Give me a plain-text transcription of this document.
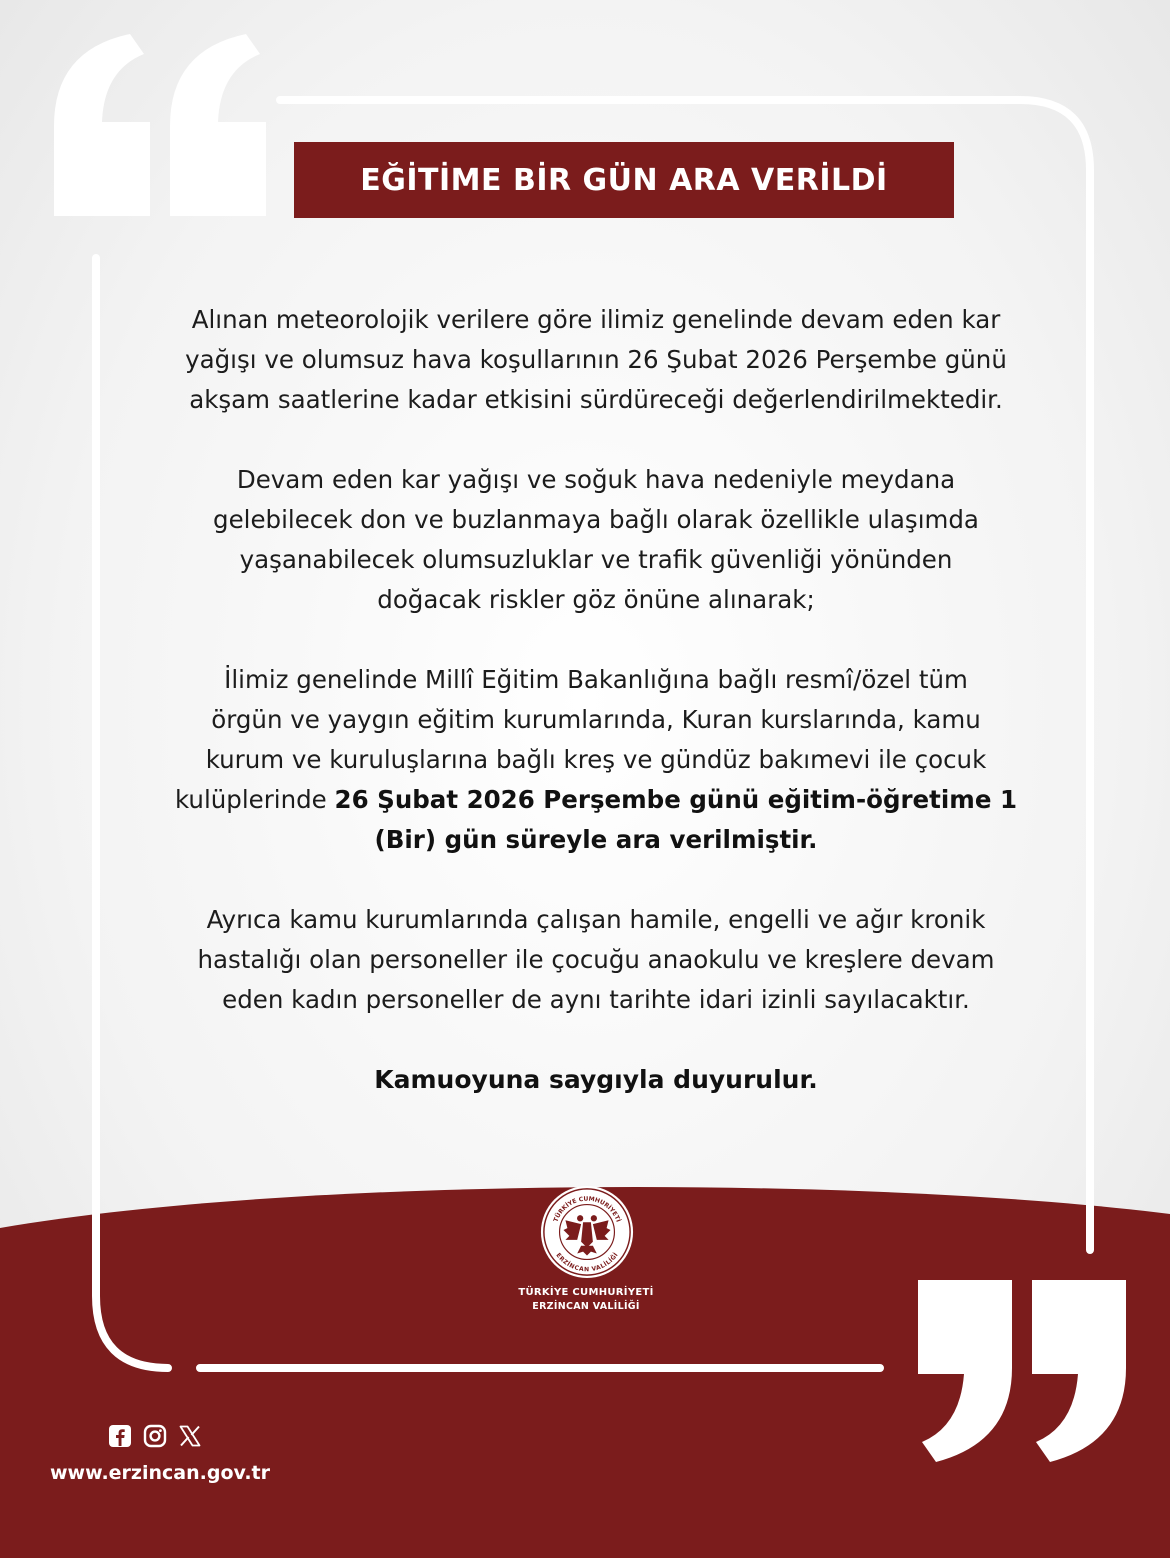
EĞİTİME BİR GÜN ARA VERİLDİ

Alınan meteorolojik verilere göre ilimiz genelinde devam eden kar
yağışı ve olumsuz hava koşullarının 26 Şubat 2026 Perşembe günü
akşam saatlerine kadar etkisini sürdüreceği değerlendirilmektedir.

Devam eden kar yağışı ve soğuk hava nedeniyle meydana
gelebilecek don ve buzlanmaya bağlı olarak özellikle ulaşımda
yaşanabilecek olumsuzluklar ve trafik güvenliği yönünden
doğacak riskler göz önüne alınarak;

İlimiz genelinde Millî Eğitim Bakanlığına bağlı resmî/özel tüm
örgün ve yaygın eğitim kurumlarında, Kuran kurslarında, kamu
kurum ve kuruluşlarına bağlı kreş ve gündüz bakımevi ile çocuk
kulüplerinde 26 Şubat 2026 Perşembe günü eğitim-öğretime 1
(Bir) gün süreyle ara verilmiştir.

Ayrıca kamu kurumlarında çalışan hamile, engelli ve ağır kronik
hastalığı olan personeller ile çocuğu anaokulu ve kreşlere devam
eden kadın personeller de aynı tarihte idari izinli sayılacaktır.

Kamuoyuna saygıyla duyurulur.
TÜRKİYE CUMHURİYETİ
ERZİNCAN VALİLİĞİ
TÜRKİYE CUMHURİYETİ
ERZİNCAN VALİLİĞİ
www.erzincan.gov.tr
